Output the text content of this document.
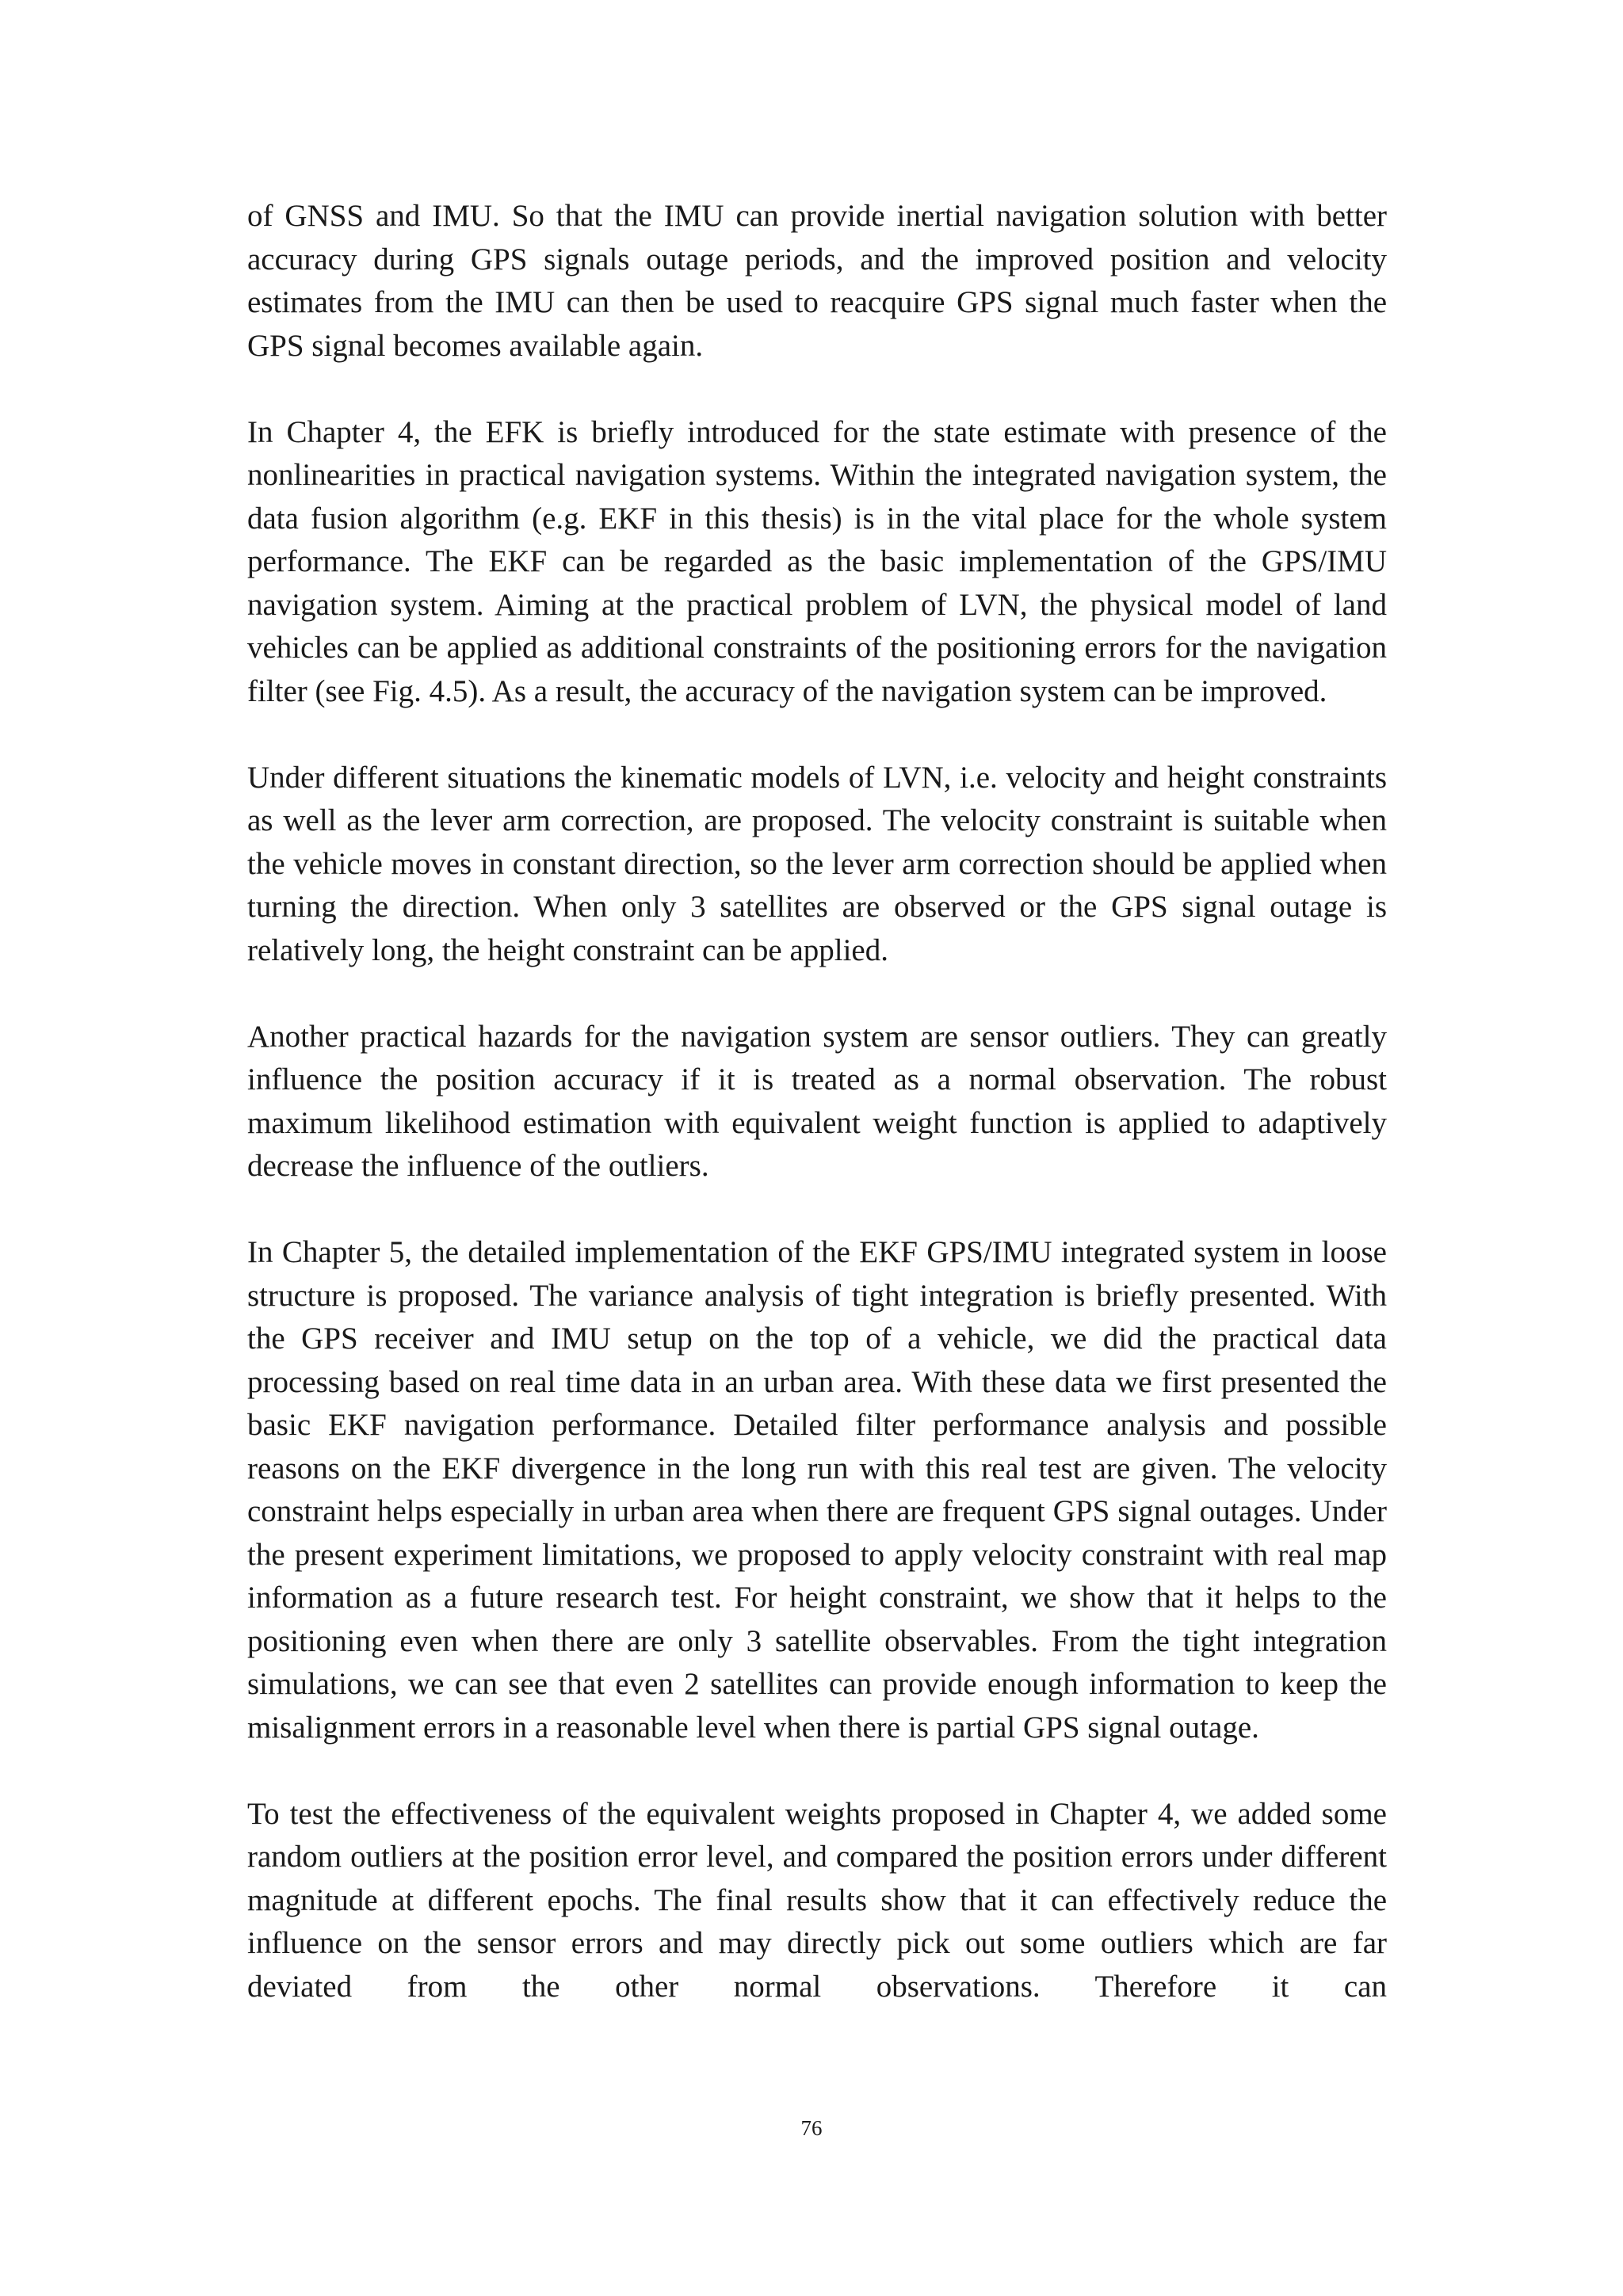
of GNSS and IMU. So that the IMU can provide inertial navigation solution with better accuracy during GPS signals outage periods, and the improved position and velocity estimates from the IMU can then be used to reacquire GPS signal much faster when the GPS signal becomes available again.

In Chapter 4, the EFK is briefly introduced for the state estimate with presence of the nonlinearities in practical navigation systems. Within the integrated navigation system, the data fusion algorithm (e.g. EKF in this thesis) is in the vital place for the whole system performance. The EKF can be regarded as the basic implementation of the GPS/IMU navigation system. Aiming at the practical problem of LVN, the physical model of land vehicles can be applied as additional constraints of the positioning errors for the navigation filter (see Fig. 4.5). As a result, the accuracy of the navigation system can be improved.

Under different situations the kinematic models of LVN, i.e. velocity and height constraints as well as the lever arm correction, are proposed. The velocity constraint is suitable when the vehicle moves in constant direction, so the lever arm correction should be applied when turning the direction. When only 3 satellites are observed or the GPS signal outage is relatively long, the height constraint can be applied.

Another practical hazards for the navigation system are sensor outliers. They can greatly influence the position accuracy if it is treated as a normal observation. The robust maximum likelihood estimation with equivalent weight function is applied to adaptively decrease the influence of the outliers.

In Chapter 5, the detailed implementation of the EKF GPS/IMU integrated system in loose structure is proposed. The variance analysis of tight integration is briefly presented. With the GPS receiver and IMU setup on the top of a vehicle, we did the practical data processing based on real time data in an urban area. With these data we first presented the basic EKF navigation performance. Detailed filter performance analysis and possible reasons on the EKF divergence in the long run with this real test are given. The velocity constraint helps especially in urban area when there are frequent GPS signal outages. Under the present experiment limitations, we proposed to apply velocity constraint with real map information as a future research test. For height constraint, we show that it helps to the positioning even when there are only 3 satellite observables. From the tight integration simulations, we can see that even 2 satellites can provide enough information to keep the misalignment errors in a reasonable level when there is partial GPS signal outage.

To test the effectiveness of the equivalent weights proposed in Chapter 4, we added some random outliers at the position error level, and compared the position errors under different magnitude at different epochs. The final results show that it can effectively reduce the influence on the sensor errors and may directly pick out some outliers which are far deviated from the other normal observations. Therefore it can

76
